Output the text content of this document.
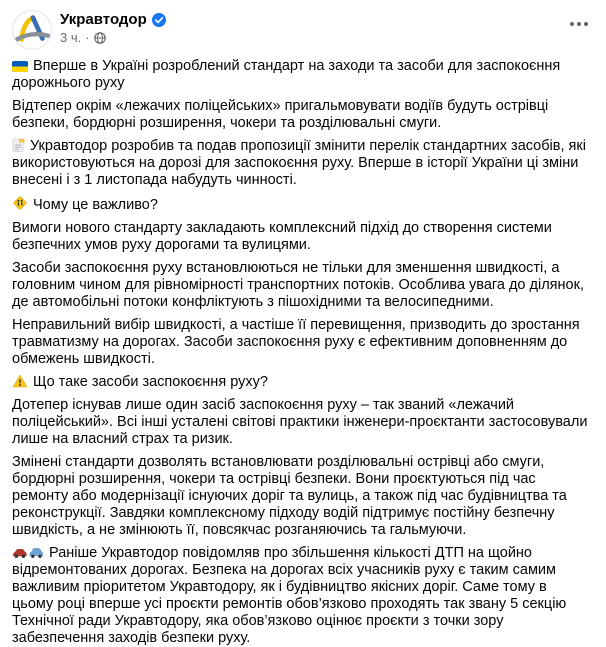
Укравтодор
3 ч. ·

Вперше в Україні розроблений стандарт на заходи та засоби для заспокоєння дорожнього руху

Відтепер окрім «лежачих поліцейських» пригальмовувати водіїв будуть острівці безпеки, бордюрні розширення, чокери та розділювальні смуги.

Укравтодор розробив та подав пропозиції змінити перелік стандартних засобів, які використовуються на дорозі для заспокоєння руху. Вперше в історії України ці зміни внесені і з 1 листопада набудуть чинності.

Чому це важливо?

Вимоги нового стандарту закладають комплексний підхід до створення системи безпечних умов руху дорогами та вулицями.

Засоби заспокоєння руху встановлюються не тільки для зменшення швидкості, а головним чином для рівномірності транспортних потоків. Особлива увага до ділянок, де автомобільні потоки конфліктують з пішохідними та велосипедними.

Неправильний вибір швидкості, а частіше її перевищення, призводить до зростання травматизму на дорогах. Засоби заспокоєння руху є ефективним доповненням до обмежень швидкості.

Що таке засоби заспокоєння руху?

Дотепер існував лише один засіб заспокоєння руху – так званий «лежачий поліцейський». Всі інші усталені світові практики інженери-проєктанти застосовували лише на власний страх та ризик.

Змінені стандарти дозволять встановлювати розділювальні острівці або смуги, бордюрні розширення, чокери та острівці безпеки. Вони проєктуються під час ремонту або модернізації існуючих доріг та вулиць, а також під час будівництва та реконструкції. Завдяки комплексному підходу водій підтримує постійну безпечну швидкість, а не змінюють її, повсякчас розганяючись та гальмуючи.

Раніше Укравтодор повідомляв про збільшення кількості ДТП на щойно відремонтованих дорогах. Безпека на дорогах всіх учасників руху є таким самим важливим пріоритетом Укравтодору, як і будівництво якісних доріг. Саме тому в цьому році вперше усі проєкти ремонтів обов’язково проходять так звану 5 секцію Технічної ради Укравтодору, яка обов’язково оцінює проєкти з точки зору забезпечення заходів безпеки руху.
